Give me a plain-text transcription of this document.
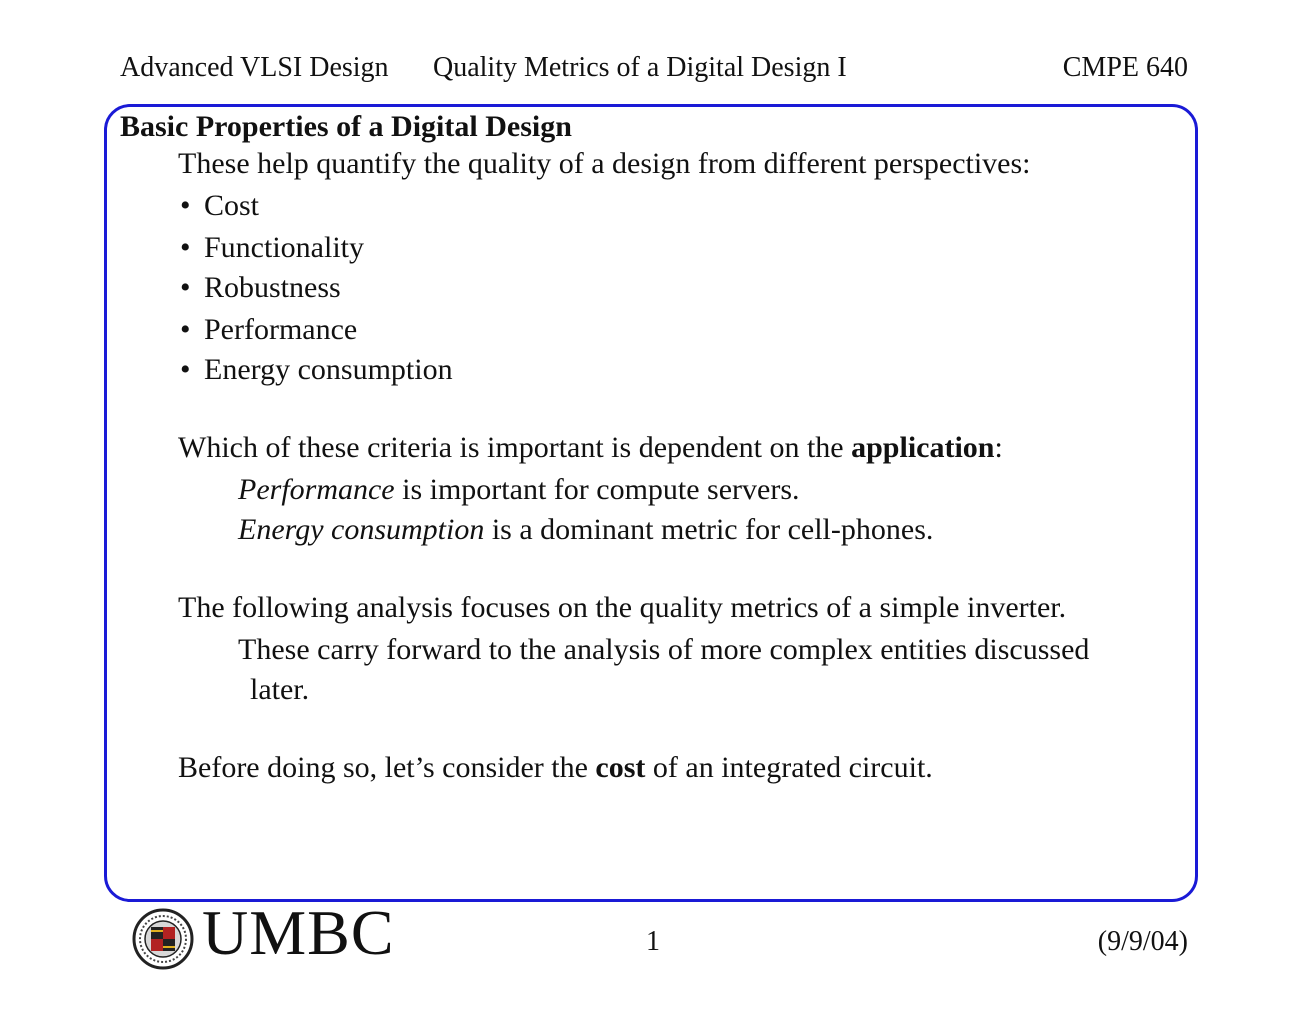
Advanced VLSI Design Quality Metrics of a Digital Design I	CMPE 640
Basic Properties of a Digital Design
These help quantify the quality of a design from different perspectives:
• Cost
• Functionality
• Robustness
• Performance
• Energy consumption
Which of these criteria is important is dependent on the application:
Performance is important for compute servers.
Energy consumption is a dominant metric for cell-phones.
The following analysis focuses on the quality metrics of a simple inverter.
These carry forward to the analysis of more complex entities discussed
later.
Before doing so, let’s consider the cost of an integrated circuit.
UMBC	1	(9/9/04)
